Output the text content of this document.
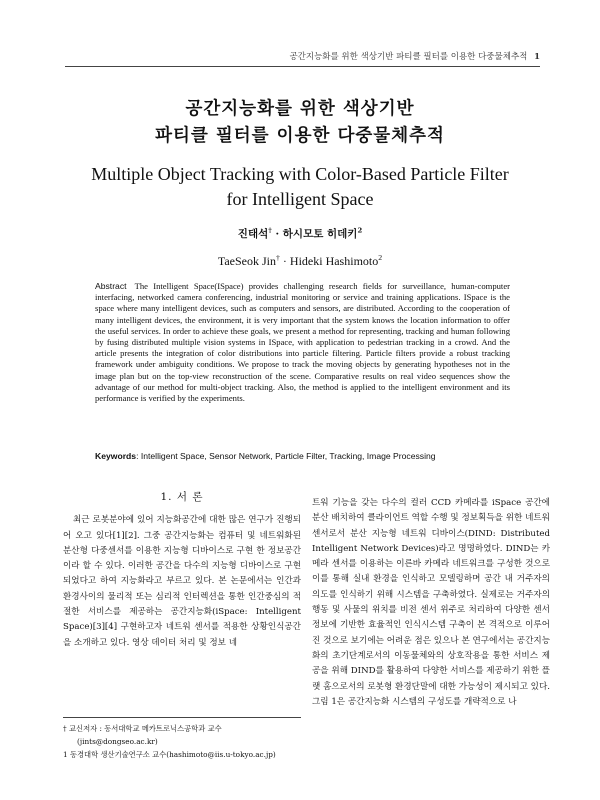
공간지능화를 위한 색상기반 파티클 필터를 이용한 다중물체추적 1
공간지능화를 위한 색상기반
파티클 필터를 이용한 다중물체추적
Multiple Object Tracking with Color-Based Particle Filter
for Intelligent Space
진태석† · 하시모토 히데키$^2$
TaeSeok Jin† · Hideki Hashimoto$^2$
Abstract The Intelligent Space(ISpace) provides challenging research fields for surveillance, human-computer interfacing, networked camera conferencing, industrial monitoring or service and training applications. ISpace is the space where many intelligent devices, such as computers and sensors, are distributed. According to the cooperation of many intelligent devices, the environment, it is very important that the system knows the location information to offer the useful services. In order to achieve these goals, we present a method for representing, tracking and human following by fusing distributed multiple vision systems in ISpace, with application to pedestrian tracking in a crowd. And the article presents the integration of color distributions into particle filtering. Particle filters provide a robust tracking framework under ambiguity conditions. We propose to track the moving objects by generating hypotheses not in the image plan but on the top-view reconstruction of the scene. Comparative results on real video sequences show the advantage of our method for multi-object tracking. Also, the method is applied to the intelligent environment and its performance is verified by the experiments.
Keywords: Intelligent Space, Sensor Network, Particle Filter, Tracking, Image Processing
1. 서 론

최근 로봇분야에 있어 지능화공간에 대한 많은 연구가 진행되어 오고 있다[1][2]. 그중 공간지능화는 컴퓨터 및 네트워화된 분산형 다중센서를 이용한 지능형 디바이스로 구현 한 정보공간이라 할 수 있다. 이러한 공간을 다수의 지능형 디바이스로 구현되었다고 하여 지능화라고 부르고 있다. 본 논문에서는 인간과 환경사이의 물리적 또는 심리적 인터렉션을 통한 인간중심의 적절한 서비스를 제공하는 공간지능화(iSpace: Intelligent Space)[3][4] 구현하고자 네트워 센서를 적용한 상황인식공간을 소개하고 있다. 영상 데이터 처리 및 정보 네

트워 기능을 갖는 다수의 컬러 CCD 카메라를 iSpace 공간에 분산 배치하여 클라이언트 역할 수행 및 정보획득을 위한 네트워 센서로서 분산 지능형 네트워 디바이스(DIND: Distributed Intelligent Network Devices)라고 명명하였다. DIND는 카메라 센서를 이용하는 이른바 카메라 네트워크를 구성한 것으로 이를 통해 실내 환경을 인식하고 모델링하며 공간 내 거주자의 의도를 인식하기 위해 시스템을 구축하였다. 실제로는 거주자의 행동 및 사물의 위치를 비전 센서 위주로 처리하여 다양한 센서정보에 기반한 효율적인 인식시스템 구축이 본 격적으로 이루어진 것으로 보기에는 어려운 점은 있으나 본 연구에서는 공간지능화의 초기단계로서의 이동물체와의 상호작용을 통한 서비스 제공을 위해 DIND를 활용하여 다양한 서비스를 제공하기 위한 플랫 홈으로서의 로봇형 환경단말에 대한 가능성이 제시되고 있다. 그림 1은 공간지능화 시스템의 구성도를 개략적으로 나

† 교신저자 : 동서대학교 메카트로닉스공학과 교수
(jints@dongseo.ac.kr)
1 동경대학 생산기술연구소 교수(hashimoto@iis.u-tokyo.ac.jp)
